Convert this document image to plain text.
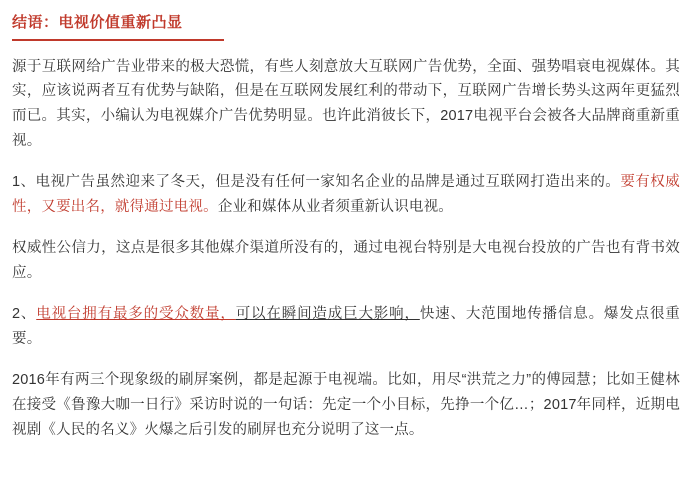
结语：电视价值重新凸显

源于互联网给广告业带来的极大恐慌，有些人刻意放大互联网广告优势，全面、强势唱衰电视媒体。其实，应该说两者互有优势与缺陷，但是在互联网发展红利的带动下，互联网广告增长势头这两年更猛烈而已。其实，小编认为电视媒介广告优势明显。也许此消彼长下，2017电视平台会被各大品牌商重新重视。

1、电视广告虽然迎来了冬天，但是没有任何一家知名企业的品牌是通过互联网打造出来的。要有权威性，又要出名，就得通过电视。企业和媒体从业者须重新认识电视。

权威性公信力，这点是很多其他媒介渠道所没有的，通过电视台特别是大电视台投放的广告也有背书效应。

2、电视台拥有最多的受众数量，可以在瞬间造成巨大影响，快速、大范围地传播信息。爆发点很重要。

2016年有两三个现象级的刷屏案例，都是起源于电视端。比如，用尽“洪荒之力”的傅园慧；比如王健林在接受《鲁豫大咖一日行》采访时说的一句话：先定一个小目标，先挣一个亿…；2017年同样，近期电视剧《人民的名义》火爆之后引发的刷屏也充分说明了这一点。
